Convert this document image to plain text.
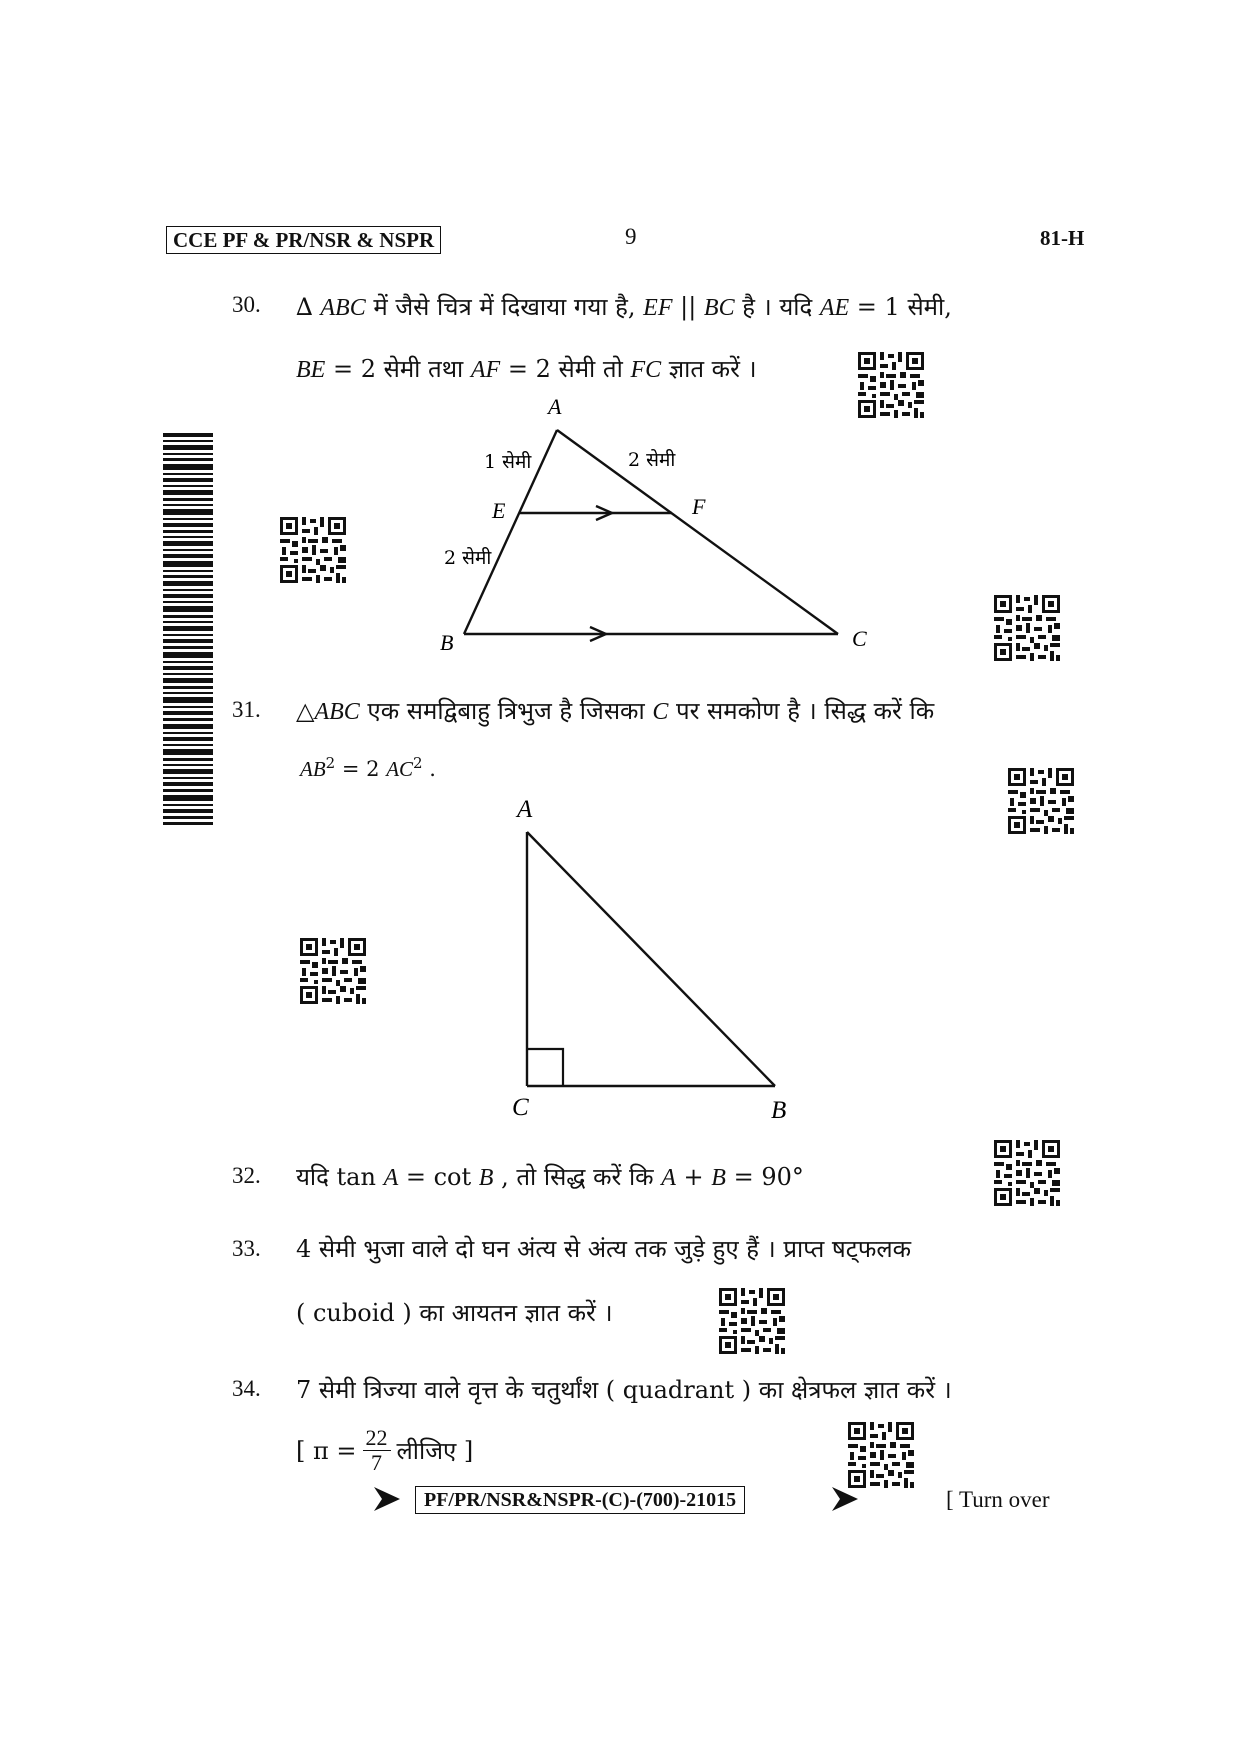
CCE PF & PR/NSR & NSPR	9	81-H
30. ∆ ABC में जैसे चित्र में दिखाया गया है, EF || BC है । यदि AE = 1 सेमी,
BE = 2 सेमी तथा AF = 2 सेमी तो FC ज्ञात करें ।
A
B	C
E	F
1 सेमी	2 सेमी
2 सेमी
31. △ABC एक समद्विबाहु त्रिभुज है जिसका C पर समकोण है । सिद्ध करें कि
$AB^2 = 2$ $AC^2$ .
A
C	B
32. यदि tan A = cot B , तो सिद्ध करें कि A + B = 90°
33. 4 सेमी भुजा वाले दो घन अंत्य से अंत्य तक जुड़े हुए हैं । प्राप्त षट्फलक
( cuboid ) का आयतन ज्ञात करें ।
34. 7 सेमी त्रिज्या वाले वृत्त के चतुर्थांश ( quadrant ) का क्षेत्रफल ज्ञात करें ।
[ $\pi = \frac{22}{7}$ लीजिए ]
PF/PR/NSR&NSPR-(C)-(700)-21015	[ Turn over
